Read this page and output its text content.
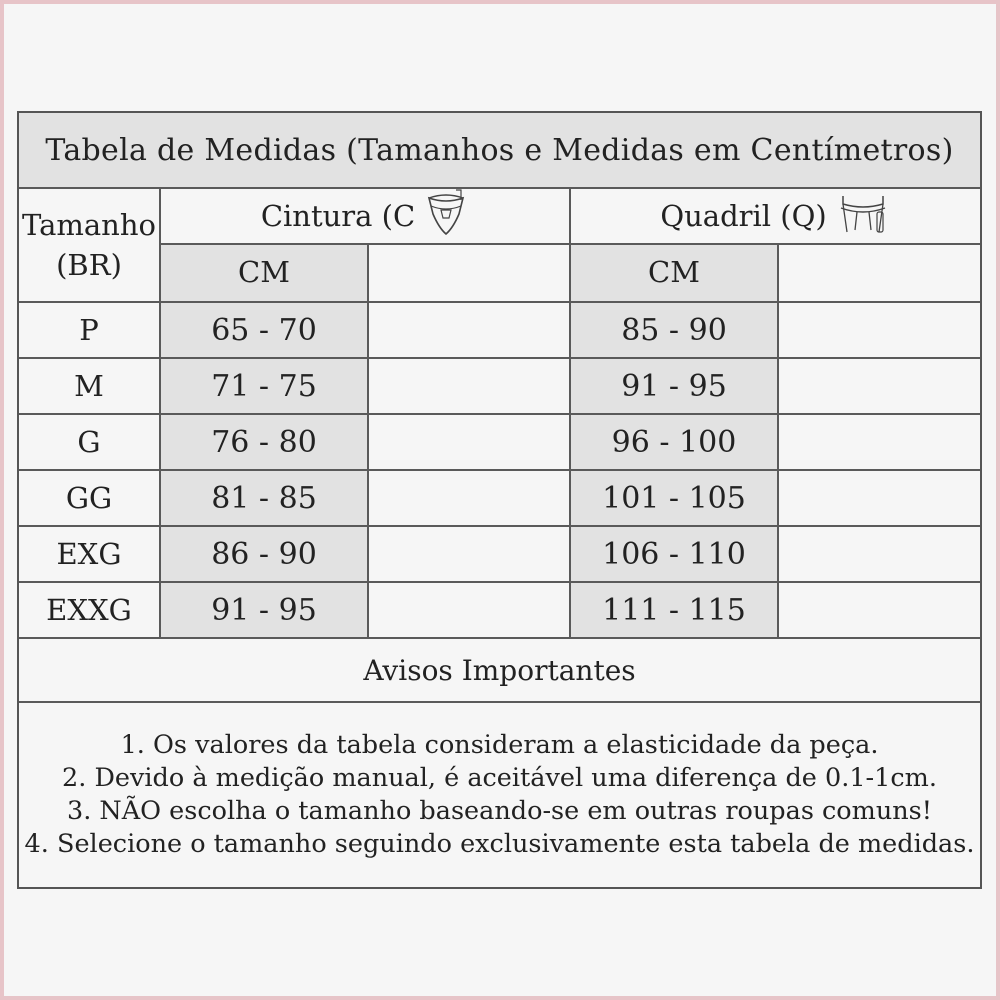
Tabela de Medidas (Tamanhos e Medidas em Centímetros)
Tamanho
(BR)
Cintura (C	Quadril (Q)
CM	CM
P	65 - 70	85 - 90
M	71 - 75	91 - 95
G	76 - 80	96 - 100
GG	81 - 85	101 - 105
EXG	86 - 90	106 - 110
EXXG	91 - 95	111 - 115
Avisos Importantes
1. Os valores da tabela consideram a elasticidade da peça.
2. Devido à medição manual, é aceitável uma diferença de 0.1-1cm.
3. NÃO escolha o tamanho baseando-se em outras roupas comuns!
4. Selecione o tamanho seguindo exclusivamente esta tabela de medidas.
